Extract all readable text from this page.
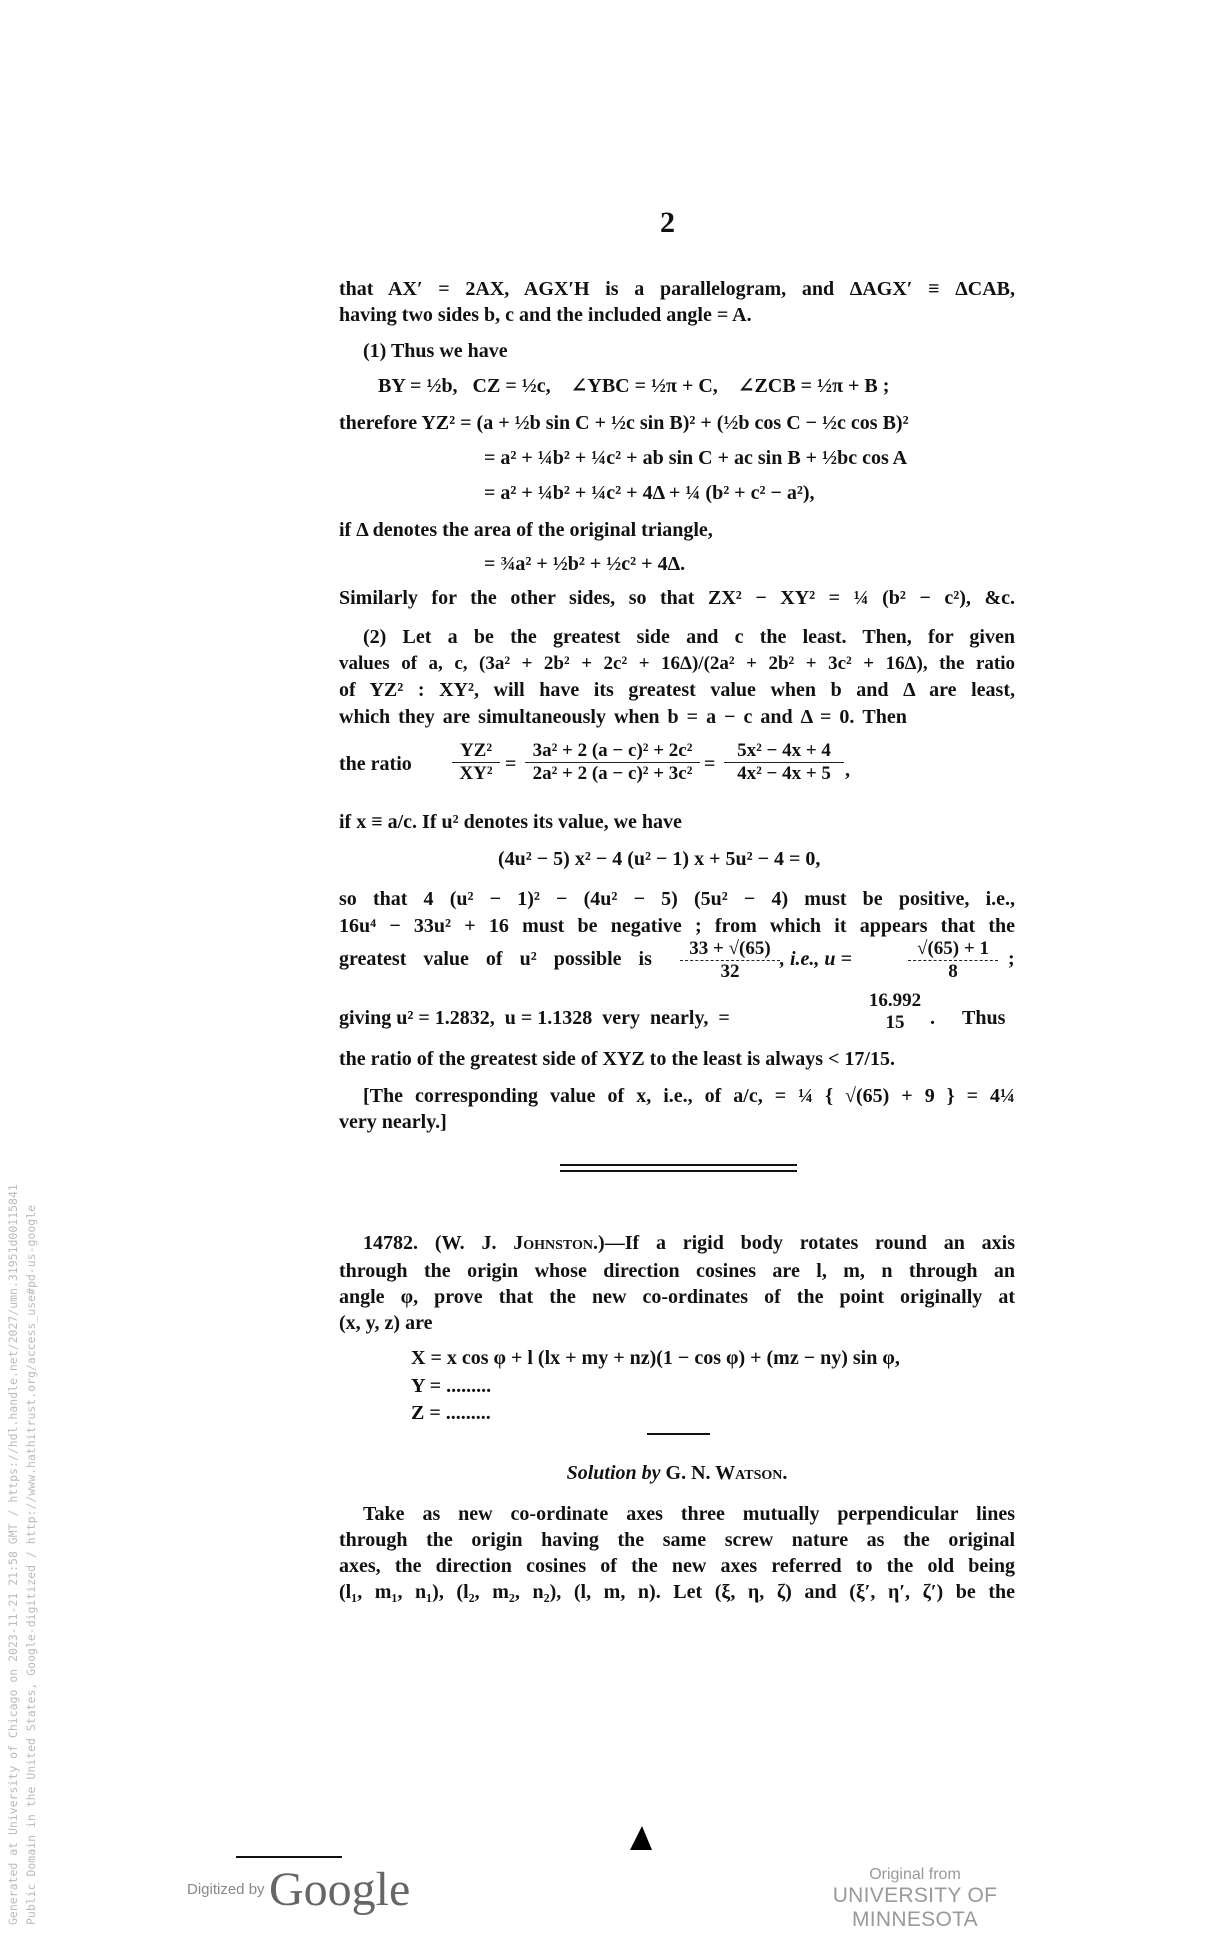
2
that AX′ = 2AX, AGX′H is a parallelogram, and ΔAGX′ ≡ ΔCAB,
having two sides b, c and the included angle = A.
(1) Thus we have
BY = ½b,   CZ = ½c,    ∠YBC = ½π + C,    ∠ZCB = ½π + B ;
therefore YZ² = (a + ½b sin C + ½c sin B)² + (½b cos C − ½c cos B)²
= a² + ¼b² + ¼c² + ab sin C + ac sin B + ½bc cos A
= a² + ¼b² + ¼c² + 4Δ + ¼ (b² + c² − a²),
if Δ denotes the area of the original triangle,
= ¾a² + ½b² + ½c² + 4Δ.
Similarly for the other sides, so that ZX² − XY² = ¼ (b² − c²), &c.
(2) Let a be the greatest side and c the least. Then, for given
values of a, c, (3a² + 2b² + 2c² + 16Δ)/(2a² + 2b² + 3c² + 16Δ), the ratio
of YZ² : XY², will have its greatest value when b and Δ are least,
which they are simultaneously when b = a − c and Δ = 0. Then
the ratio $\frac{\text{YZ²}}{\text{XY²}} = \frac{\text{3a² + 2 (a − c)² + 2c²}}{\text{2a² + 2 (a − c)² + 3c²}} = \frac{\text{5x² − 4x + 4}}{\text{4x² − 4x + 5}}$ ,
if x ≡ a/c. If u² denotes its value, we have
(4u² − 5) x² − 4 (u² − 1) x + 5u² − 4 = 0,
so that 4 (u² − 1)² − (4u² − 5) (5u² − 4) must be positive, i.e.,
16u⁴ − 33u² + 16 must be negative ; from which it appears that the
greatest value of u² possible is	$\frac{33 + √(65)}{32}$ , i.e., u =	$\frac{√(65) + 1}{8}$ ;
giving u² = 1.2832,  u = 1.1328  very  nearly,  =
16.992
15	. Thus
the ratio of the greatest side of XYZ to the least is always < 17/15.
[The corresponding value of x, i.e., of a/c, = ¼ { √(65) + 9 } = 4¼
very nearly.]
14782. (W. J. Johnston.)—If a rigid body rotates round an axis
through the origin whose direction cosines are l, m, n through an
angle φ, prove that the new co-ordinates of the point originally at
(x, y, z) are
X = x cos φ + l (lx + my + nz)(1 − cos φ) + (mz − ny) sin φ,
Y = .........
Z = .........
Solution by G. N. Watson.
Take as new co-ordinate axes three mutually perpendicular lines
through the origin having the same screw nature as the original
axes, the direction cosines of the new axes referred to the old being
(l₁, m₁, n₁), (l₂, m₂, n₂), (l, m, n). Let (ξ, η, ζ) and (ξ′, η′, ζ′) be the
Digitized by Google	Original from
UNIVERSITY OF MINNESOTA
Generated at University of Chicago on 2023-11-21 21:58 GMT / https://hdl.handle.net/2027/umn.31951d00115841 Public Domain in the United States, Google-digitized / http://www.hathitrust.org/access_use#pd-us-google
